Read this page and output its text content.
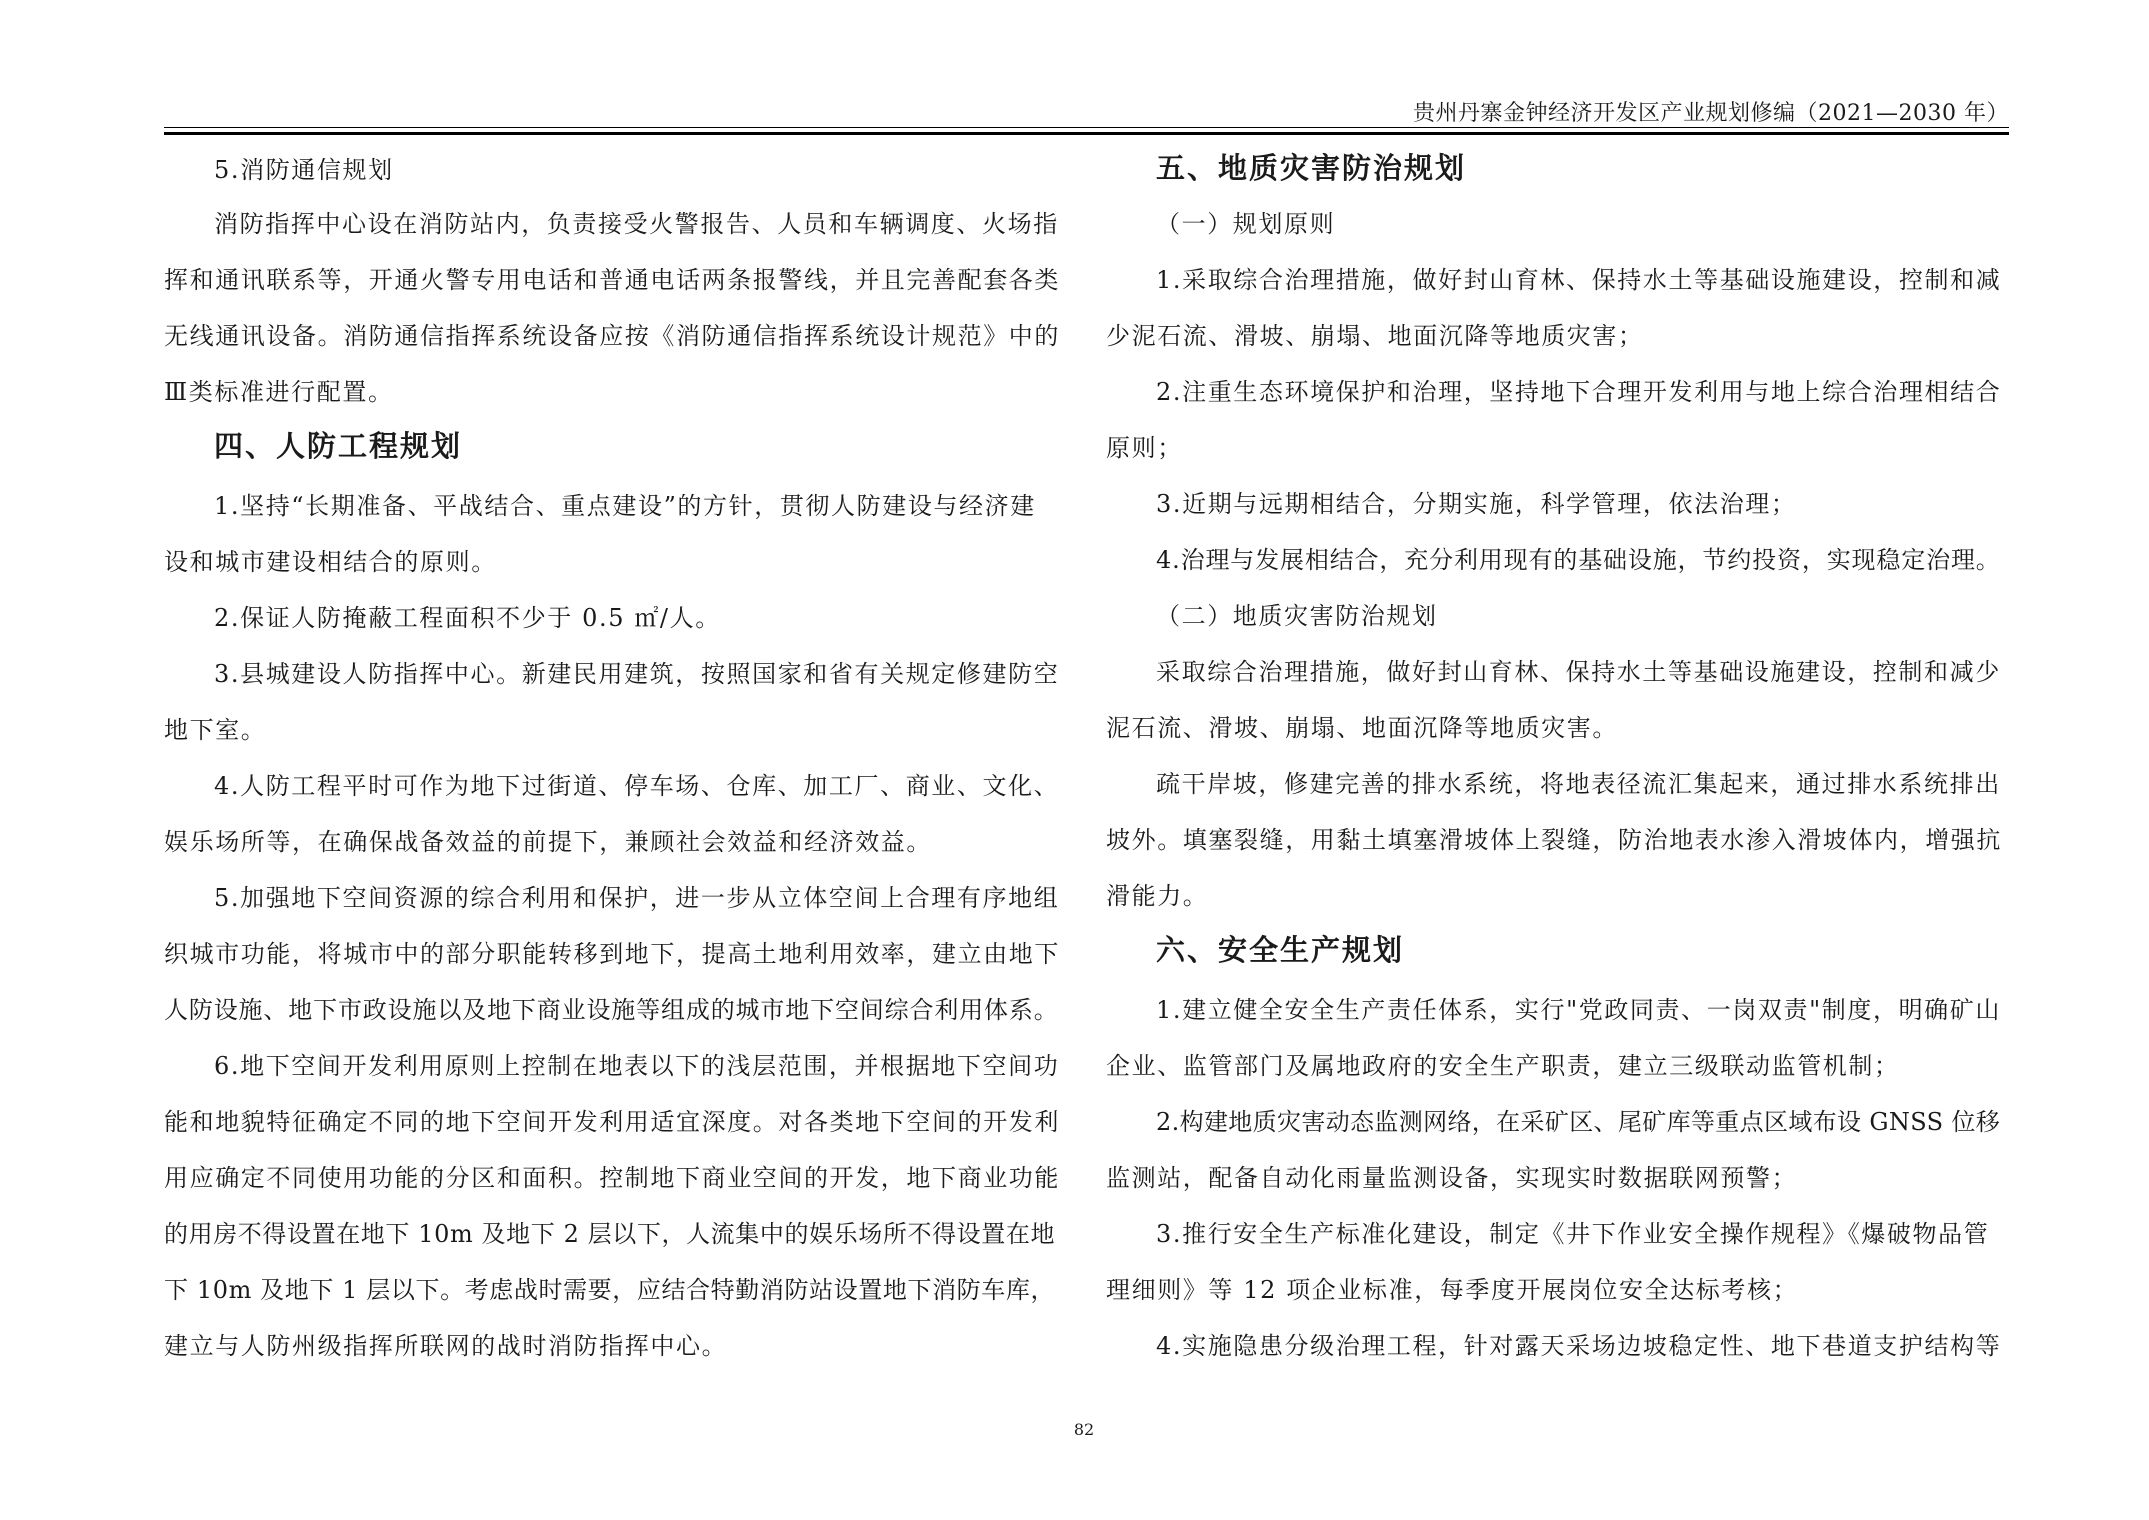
贵州丹寨金钟经济开发区产业规划修编（2021—2030 年）
5.消防通信规划
消防指挥中心设在消防站内，负责接受火警报告、人员和车辆调度、火场指
挥和通讯联系等，开通火警专用电话和普通电话两条报警线，并且完善配套各类
无线通讯设备。消防通信指挥系统设备应按《消防通信指挥系统设计规范》中的
Ⅲ类标准进行配置。
四、人防工程规划
1.坚持“长期准备、平战结合、重点建设”的方针，贯彻人防建设与经济建
设和城市建设相结合的原则。
2.保证人防掩蔽工程面积不少于 0.5 ㎡/人。
3.县城建设人防指挥中心。新建民用建筑，按照国家和省有关规定修建防空
地下室。
4.人防工程平时可作为地下过街道、停车场、仓库、加工厂、商业、文化、
娱乐场所等，在确保战备效益的前提下，兼顾社会效益和经济效益。
5.加强地下空间资源的综合利用和保护，进一步从立体空间上合理有序地组
织城市功能，将城市中的部分职能转移到地下，提高土地利用效率，建立由地下
人防设施、地下市政设施以及地下商业设施等组成的城市地下空间综合利用体系。
6.地下空间开发利用原则上控制在地表以下的浅层范围，并根据地下空间功
能和地貌特征确定不同的地下空间开发利用适宜深度。对各类地下空间的开发利
用应确定不同使用功能的分区和面积。控制地下商业空间的开发，地下商业功能
的用房不得设置在地下 10m 及地下 2 层以下，人流集中的娱乐场所不得设置在地
下 10m 及地下 1 层以下。考虑战时需要，应结合特勤消防站设置地下消防车库，
建立与人防州级指挥所联网的战时消防指挥中心。
五、地质灾害防治规划
（一）规划原则
1.采取综合治理措施，做好封山育林、保持水土等基础设施建设，控制和减
少泥石流、滑坡、崩塌、地面沉降等地质灾害；
2.注重生态环境保护和治理，坚持地下合理开发利用与地上综合治理相结合
原则；
3.近期与远期相结合，分期实施，科学管理，依法治理；
4.治理与发展相结合，充分利用现有的基础设施，节约投资，实现稳定治理。
（二）地质灾害防治规划
采取综合治理措施，做好封山育林、保持水土等基础设施建设，控制和减少
泥石流、滑坡、崩塌、地面沉降等地质灾害。
疏干岸坡，修建完善的排水系统，将地表径流汇集起来，通过排水系统排出
坡外。填塞裂缝，用黏土填塞滑坡体上裂缝，防治地表水渗入滑坡体内，增强抗
滑能力。
六、安全生产规划
1.建立健全安全生产责任体系，实行"党政同责、一岗双责"制度，明确矿山
企业、监管部门及属地政府的安全生产职责，建立三级联动监管机制；
2.构建地质灾害动态监测网络，在采矿区、尾矿库等重点区域布设 GNSS 位移
监测站，配备自动化雨量监测设备，实现实时数据联网预警；
3.推行安全生产标准化建设，制定《井下作业安全操作规程》《爆破物品管
理细则》等 12 项企业标准，每季度开展岗位安全达标考核；
4.实施隐患分级治理工程，针对露天采场边坡稳定性、地下巷道支护结构等
82
